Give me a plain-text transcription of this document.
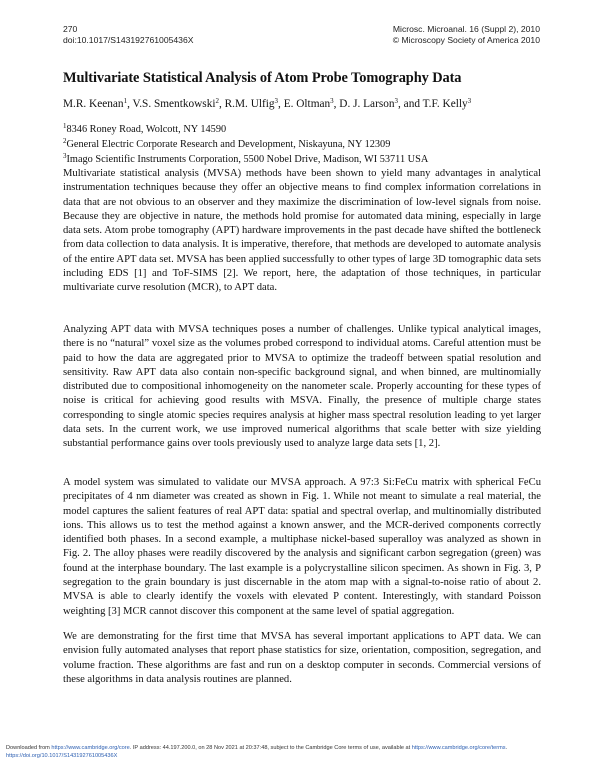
270
doi:10.1017/S143192761005436X
Microsc. Microanal. 16 (Suppl 2), 2010
© Microscopy Society of America 2010
Multivariate Statistical Analysis of Atom Probe Tomography Data
M.R. Keenan$^1$, V.S. Smentkowski$^2$, R.M. Ulfig$^3$, E. Oltman$^3$, D. J. Larson$^3$, and T.F. Kelly$^3$
$^1$8346 Roney Road, Wolcott, NY 14590
$^2$General Electric Corporate Research and Development, Niskayuna, NY 12309
$^3$Imago Scientific Instruments Corporation, 5500 Nobel Drive, Madison, WI 53711 USA

Multivariate statistical analysis (MVSA) methods have been shown to yield many advantages in analytical instrumentation techniques because they offer an objective means to find complex information correlations in data that are not obvious to an observer and they maximize the discrimination of low-level signals from noise. Because they are objective in nature, the methods hold promise for automated data mining, especially in large data sets. Atom probe tomography (APT) hardware improvements in the past decade have shifted the bottleneck from data collection to data analysis. It is imperative, therefore, that methods are developed to automate analysis of the entire APT data set. MVSA has been applied successfully to other types of large 3D tomographic data sets including EDS [1] and ToF-SIMS [2]. We report, here, the adaptation of those techniques, in particular multivariate curve resolution (MCR), to APT data.

Analyzing APT data with MVSA techniques poses a number of challenges. Unlike typical analytical images, there is no “natural” voxel size as the volumes probed correspond to individual atoms. Careful attention must be paid to how the data are aggregated prior to MVSA to optimize the tradeoff between spatial resolution and sensitivity. Raw APT data also contain non-specific background signal, and when binned, are multinomially distributed due to compositional inhomogeneity on the nanometer scale. Properly accounting for these types of noise is critical for achieving good results with MSVA. Finally, the presence of multiple charge states corresponding to single atomic species requires analysis at higher mass spectral resolution leading to yet larger data sets. In the current work, we use improved numerical algorithms that scale better with size yielding substantial performance gains over tools previously used to analyze large data sets [1, 2].

A model system was simulated to validate our MVSA approach. A 97:3 Si:FeCu matrix with spherical FeCu precipitates of 4 nm diameter was created as shown in Fig. 1. While not meant to simulate a real material, the model captures the salient features of real APT data: spatial and spectral overlap, and multinomially distributed ions. This allows us to test the method against a known answer, and the MCR-derived components correctly identified both phases. In a second example, a multiphase nickel-based superalloy was analyzed as shown in Fig. 2. The alloy phases were readily discovered by the analysis and significant carbon segregation (green) was found at the interphase boundary. The last example is a polycrystalline silicon specimen. As shown in Fig. 3, P segregation to the grain boundary is just discernable in the atom map with a signal-to-noise ratio of about 2. MVSA is able to clearly identify the voxels with elevated P content. Interestingly, with standard Poisson weighting [3] MCR cannot discover this component at the same level of spatial aggregation.

We are demonstrating for the first time that MVSA has several important applications to APT data. We can envision fully automated analyses that report phase statistics for size, orientation, composition, segregation, and volume fraction. These algorithms are fast and run on a desktop computer in seconds. Commercial versions of these algorithms in data analysis routines are planned.

Downloaded from https://www.cambridge.org/core. IP address: 44.197.200.0, on 28 Nov 2021 at 20:37:48, subject to the Cambridge Core terms of use, available at https://www.cambridge.org/core/terms.
https://doi.org/10.1017/S143192761005436X
